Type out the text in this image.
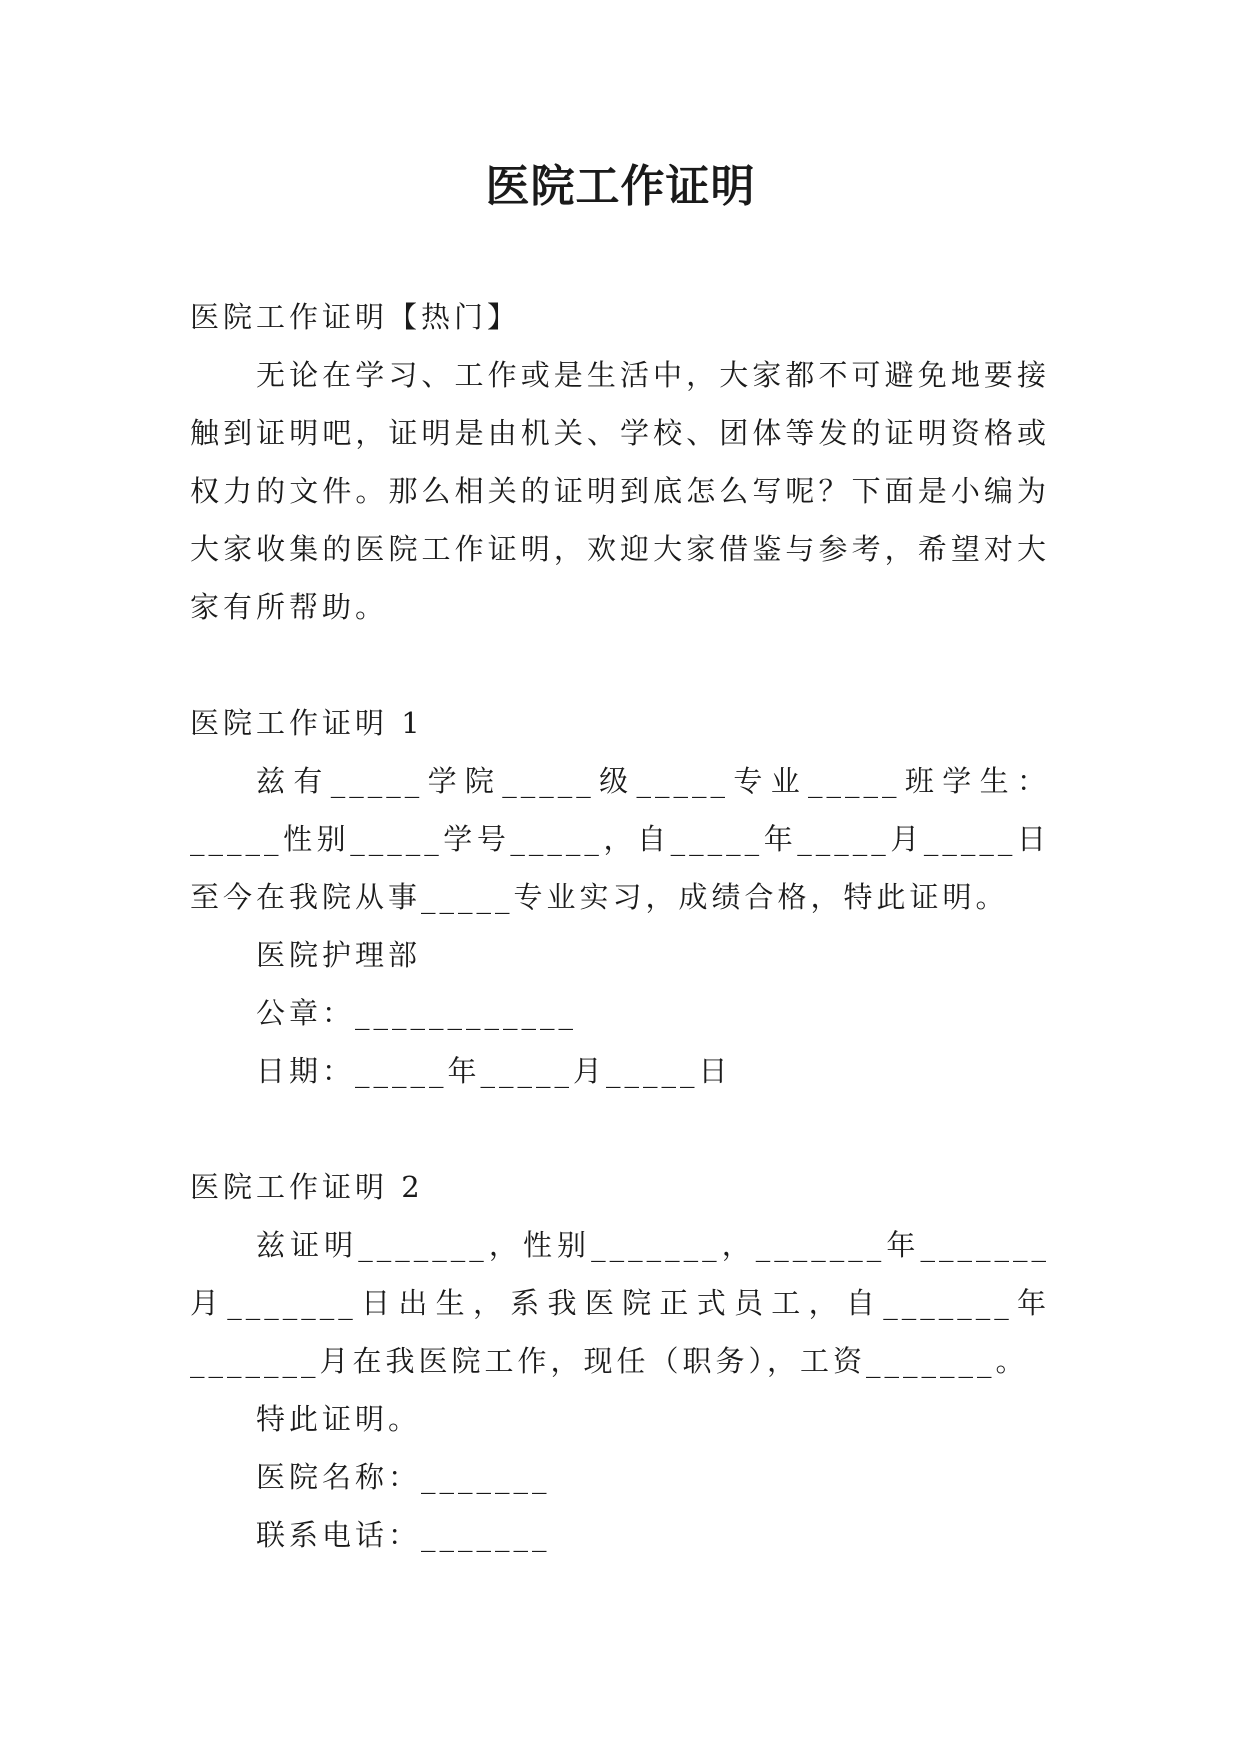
医院工作证明

医院工作证明【热门】

无论在学习、工作或是生活中，大家都不可避免地要接触到证明吧，证明是由机关、学校、团体等发的证明资格或权力的文件。那么相关的证明到底怎么写呢？下面是小编为大家收集的医院工作证明，欢迎大家借鉴与参考，希望对大家有所帮助。

医院工作证明 1

兹有_____学院_____级_____专业_____班学生：_____性别_____学号_____，自_____年_____月_____日至今在我院从事_____专业实习，成绩合格，特此证明。

医院护理部

公章：____________

日期：_____年_____月_____日

医院工作证明 2

兹证明_______，性别_______，_______年_______月_______日出生，系我医院正式员工，自_______年_______月在我医院工作，现任（职务），工资_______。

特此证明。

医院名称：_______

联系电话：_______
